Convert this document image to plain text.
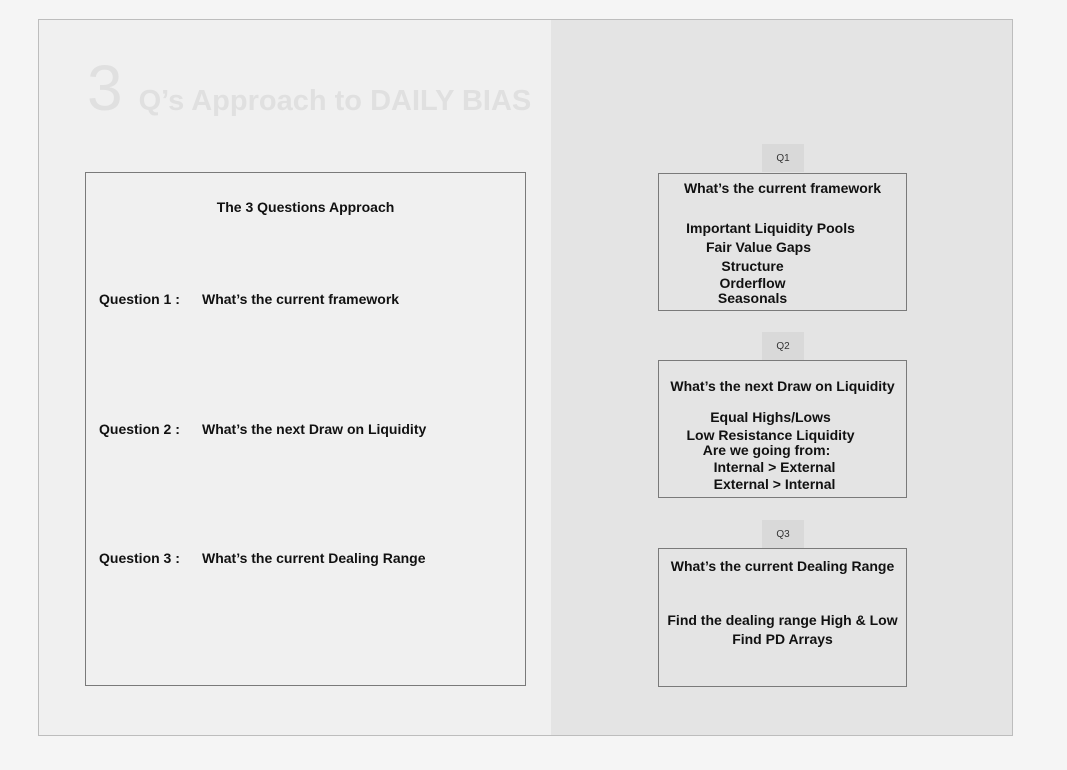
3 Q’s Approach to DAILY BIAS
The 3 Questions Approach
Question 1 : What’s the current framework
Question 2 : What’s the next Draw on Liquidity
Question 3 : What’s the current Dealing Range
Q1
What’s the current framework
Important Liquidity Pools
Fair Value Gaps
Structure
Orderflow
Seasonals
Q2
What’s the next Draw on Liquidity
Equal Highs/Lows
Low Resistance Liquidity
Are we going from:
Internal > External
External > Internal
Q3
What’s the current Dealing Range
Find the dealing range High & Low
Find PD Arrays
